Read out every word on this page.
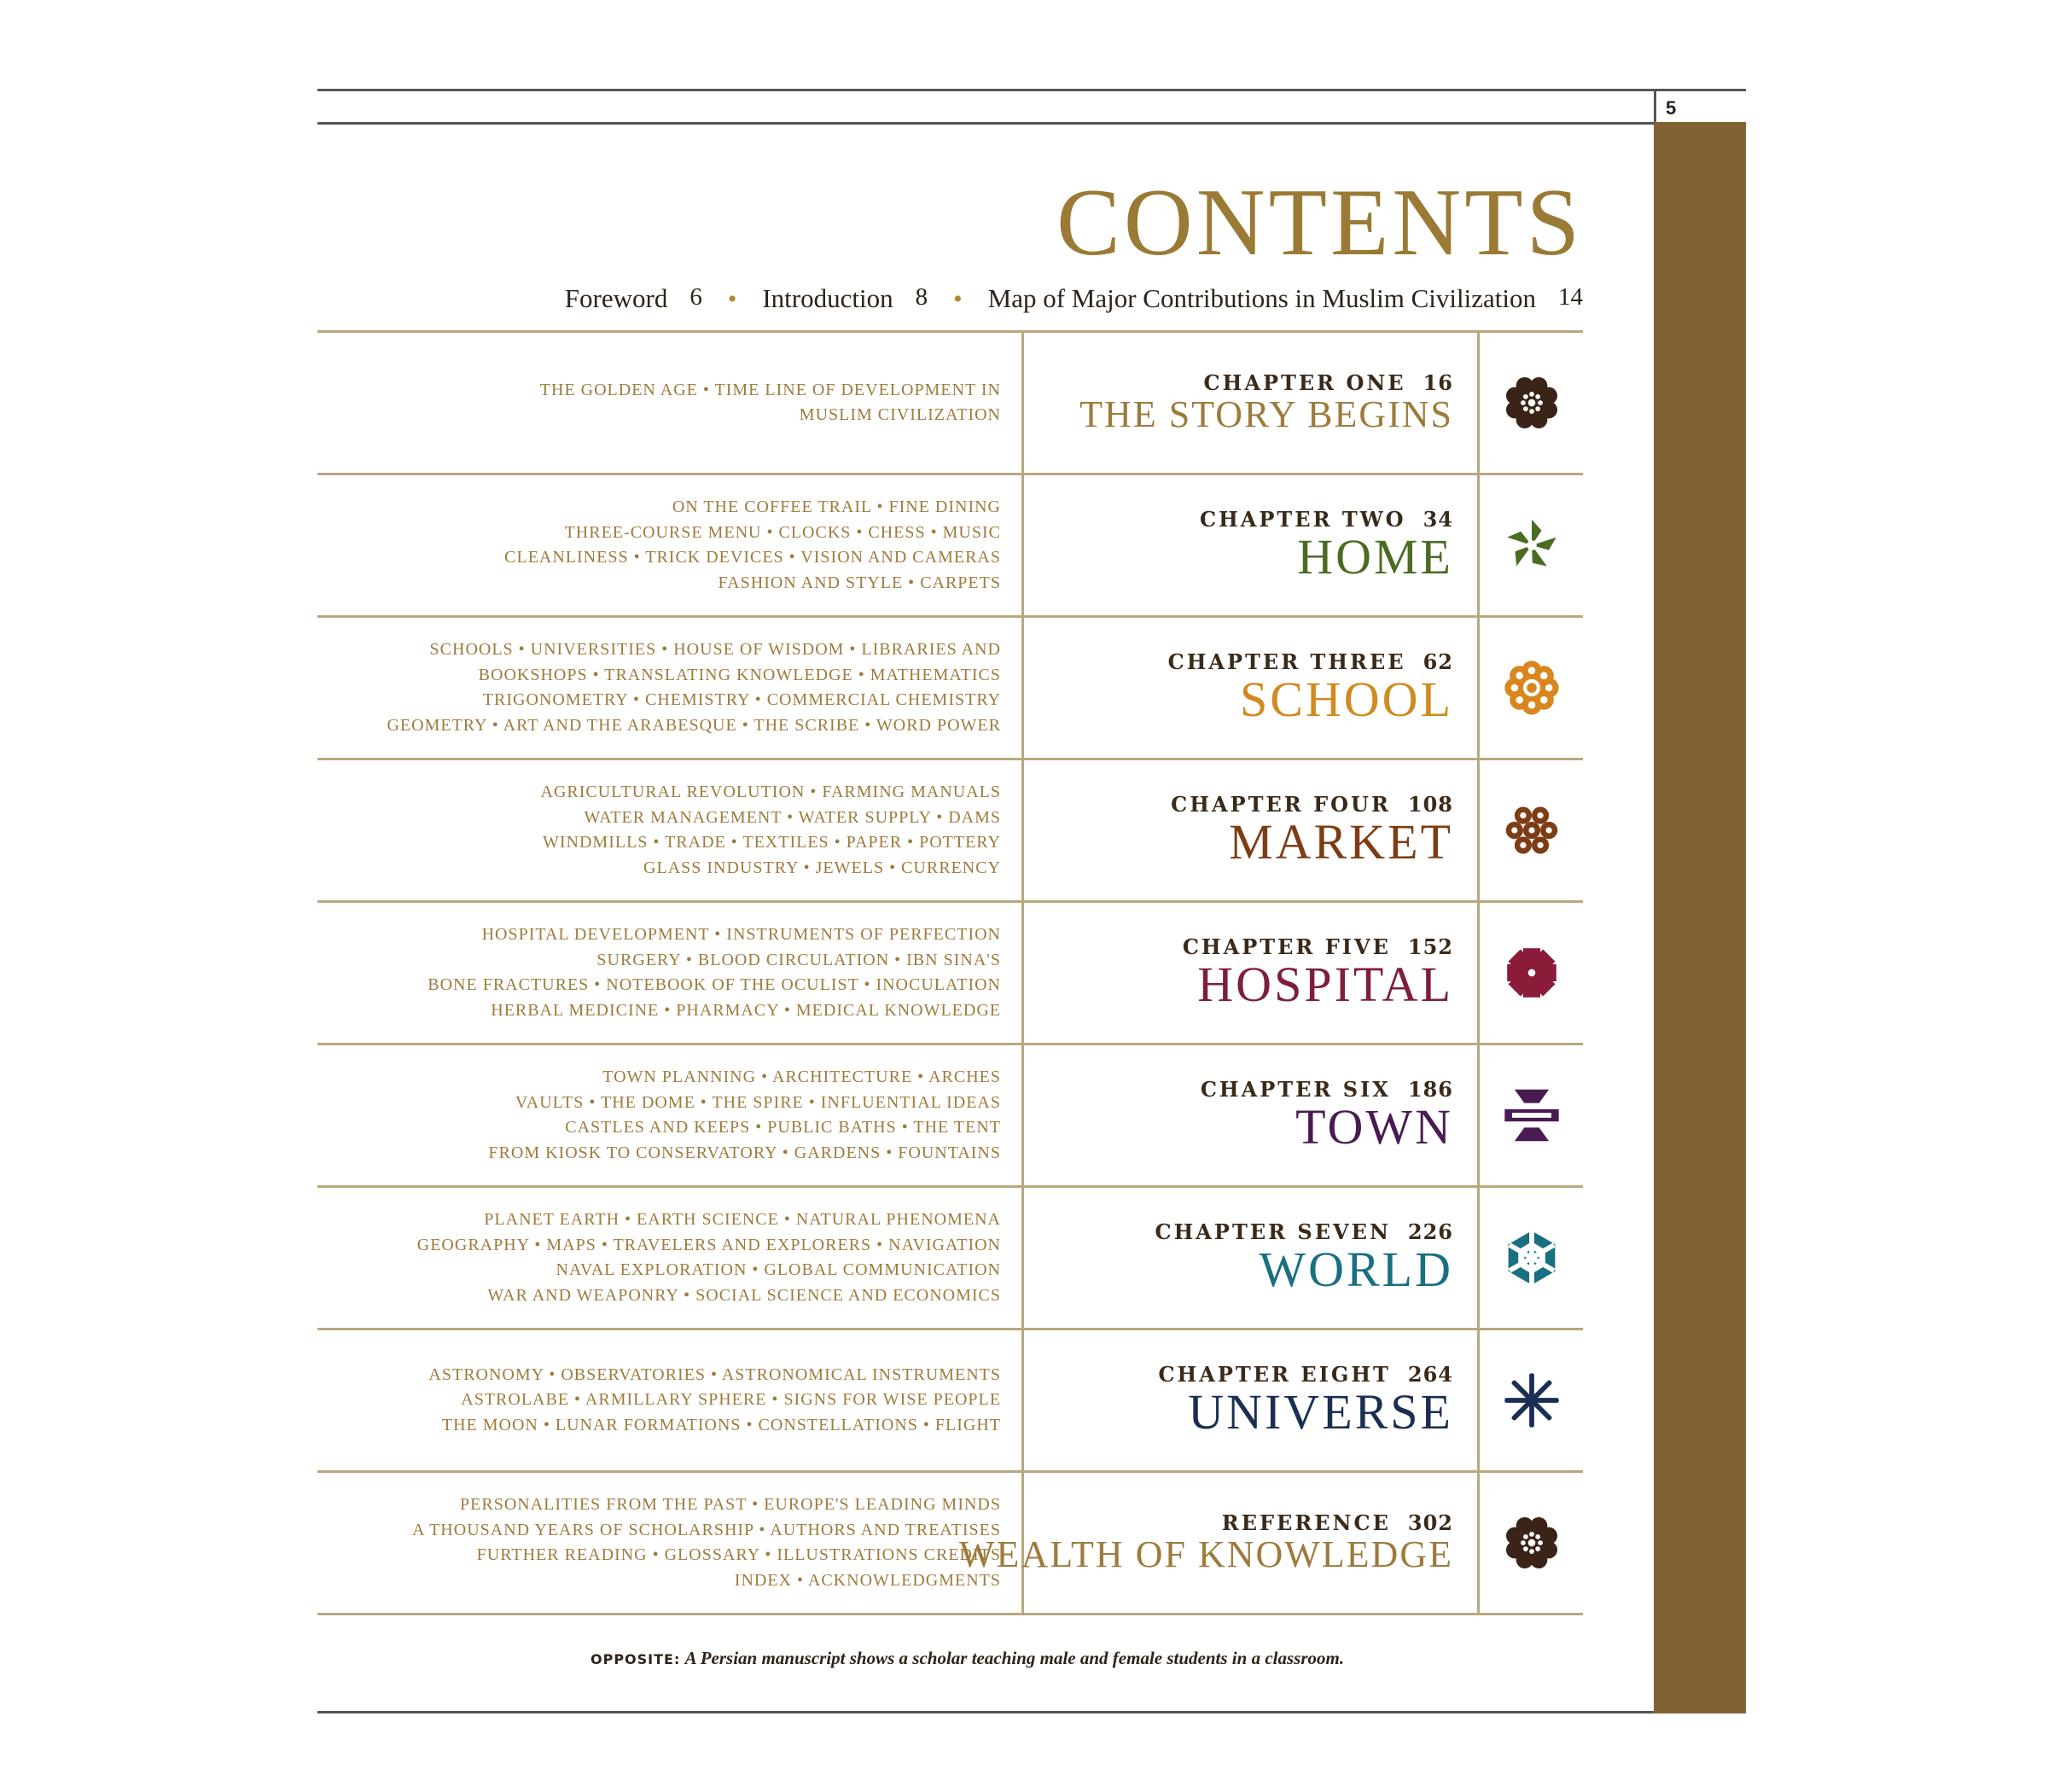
5
CONTENTS
Foreword 6 • Introduction 8 • Map of Major Contributions in Muslim Civilization 14
THE GOLDEN AGE • TIME LINE OF DEVELOPMENT IN
MUSLIM CIVILIZATION
CHAPTER ONE 16
THE STORY BEGINS
ON THE COFFEE TRAIL • FINE DINING
THREE-COURSE MENU • CLOCKS • CHESS • MUSIC
CLEANLINESS • TRICK DEVICES • VISION AND CAMERAS
FASHION AND STYLE • CARPETS
CHAPTER TWO 34
HOME
SCHOOLS • UNIVERSITIES • HOUSE OF WISDOM • LIBRARIES AND
BOOKSHOPS • TRANSLATING KNOWLEDGE • MATHEMATICS
TRIGONOMETRY • CHEMISTRY • COMMERCIAL CHEMISTRY
GEOMETRY • ART AND THE ARABESQUE • THE SCRIBE • WORD POWER
CHAPTER THREE 62
SCHOOL
AGRICULTURAL REVOLUTION • FARMING MANUALS
WATER MANAGEMENT • WATER SUPPLY • DAMS
WINDMILLS • TRADE • TEXTILES • PAPER • POTTERY
GLASS INDUSTRY • JEWELS • CURRENCY
CHAPTER FOUR 108
MARKET
HOSPITAL DEVELOPMENT • INSTRUMENTS OF PERFECTION
SURGERY • BLOOD CIRCULATION • IBN SINA'S
BONE FRACTURES • NOTEBOOK OF THE OCULIST • INOCULATION
HERBAL MEDICINE • PHARMACY • MEDICAL KNOWLEDGE
CHAPTER FIVE 152
HOSPITAL
TOWN PLANNING • ARCHITECTURE • ARCHES
VAULTS • THE DOME • THE SPIRE • INFLUENTIAL IDEAS
CASTLES AND KEEPS • PUBLIC BATHS • THE TENT
FROM KIOSK TO CONSERVATORY • GARDENS • FOUNTAINS
CHAPTER SIX 186
TOWN
PLANET EARTH • EARTH SCIENCE • NATURAL PHENOMENA
GEOGRAPHY • MAPS • TRAVELERS AND EXPLORERS • NAVIGATION
NAVAL EXPLORATION • GLOBAL COMMUNICATION
WAR AND WEAPONRY • SOCIAL SCIENCE AND ECONOMICS
CHAPTER SEVEN 226
WORLD
ASTRONOMY • OBSERVATORIES • ASTRONOMICAL INSTRUMENTS
ASTROLABE • ARMILLARY SPHERE • SIGNS FOR WISE PEOPLE
THE MOON • LUNAR FORMATIONS • CONSTELLATIONS • FLIGHT
CHAPTER EIGHT 264
UNIVERSE
PERSONALITIES FROM THE PAST • EUROPE'S LEADING MINDS
A THOUSAND YEARS OF SCHOLARSHIP • AUTHORS AND TREATISES
FURTHER READING • GLOSSARY • ILLUSTRATIONS CREDITS
INDEX • ACKNOWLEDGMENTS
REFERENCE 302
WEALTH OF KNOWLEDGE
OPPOSITE: A Persian manuscript shows a scholar teaching male and female students in a classroom.
